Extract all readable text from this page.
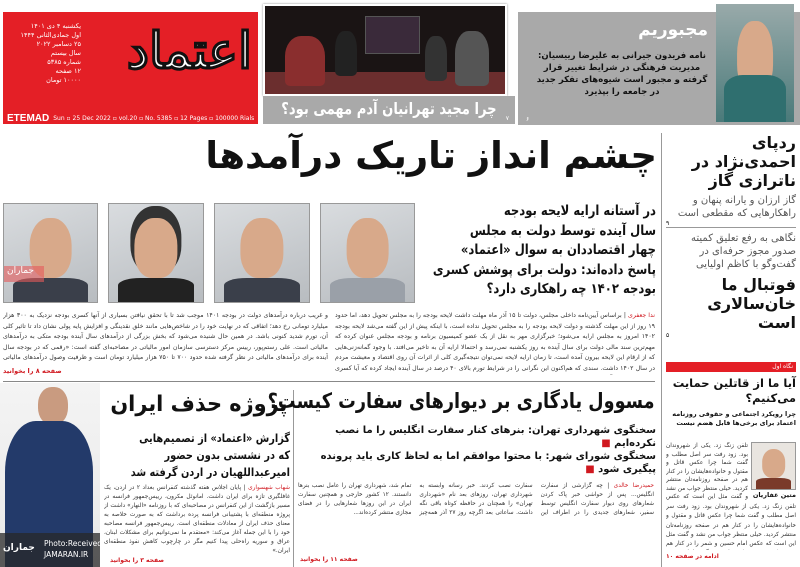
اعتماد
یکشنبه ۴ دی ۱۴۰۱
اول جمادی‌الثانی ۱۴۴۴
۲۵ دسامبر ۲۰۲۲
سال بیستم
شماره ۵۳۸۵
۱۲ صفحه
۱۰۰۰۰ تومان
ETEMAD Sun ▫ 25 Dec 2022 ▫ vol.20 ▫ No. 5385 ▫ 12 Pages ▫ 100000 Rials چرا مجید تهرانیان آدم مهمی بود؟
۷
مجبوریم
نامه فریدون جیرانی به علیرضا رییسیان: مدیریت فرهنگی در شرایط تغییر قرار گرفته و مجبور است شیوه‌های تفکر جدید در جامعه را بپذیرد
۶
چشم انداز تاریک درآمدها
جماران
در آستانه ارایه لایحه بودجه
سال آینده توسط دولت به مجلس
چهار اقتصاددان به سوال «اعتماد»
پاسخ داده‌اند: دولت برای پوشش کسری
بودجه ۱۴۰۲ چه راهکاری دارد؟
ندا جعفری | براساس آیین‌نامه داخلی مجلس، دولت تا ۱۵ آذر ماه مهلت داشت لایحه بودجه را به مجلس تحویل دهد، اما حدود ۱۹ روز از این مهلت گذشته و دولت لایحه بودجه را به مجلس تحویل نداده است، با اینکه پیش از این گفته می‌شد لایحه بودجه ۱۴۰۲ امروز به مجلس ارایه می‌شود؛ خبرگزاری مهر به نقل از یک عضو کمیسیون برنامه و بودجه مجلس عنوان کرده که مهم‌ترین سند مالی دولت برای سال آینده به روز یکشنبه نمی‌رسد و احتمالا ارایه آن به تاخیر می‌افتد. با وجود گمانه‌زنی‌هایی که از ارقام این لایحه بیرون آمده است، تا زمان ارایه لایحه نمی‌توان نتیجه‌گیری کلی از اثرات آن روی اقتصاد و معیشت مردم در سال ۱۴۰۲ داشت. سندی که هم‌اکنون این نگرانی را در شرایط تورم بالای ۴۰ درصد در سال آینده ایجاد کرده که آیا کسری
و غریب درباره درآمدهای دولت در بودجه ۱۴۰۱ موجب شد تا با تحقق نیافتن بسیاری از آنها کسری بودجه نزدیک به ۳۰۰ هزار میلیارد تومانی رخ دهد؛ اتفاقی که در نهایت خود را در شاخص‌هایی مانند خلق نقدینگی و افزایش پایه پولی نشان داد تا تاثیر کلی آن، تورم شدید کنونی باشد. در همین حال شنیده می‌شود که بخش بزرگی از درآمدهای سال آینده بودجه متکی به درآمدهای مالیاتی است. علی رستم‌پور، رییس مرکز دسترسی سازمان امور مالیاتی در مصاحبه‌ای گفته است: «رقمی که در بودجه سال آینده برای درآمدهای مالیاتی در نظر گرفته شده حدود ۷۰۰ تا ۷۵۰ هزار میلیارد تومان است و ظرفیت وصول درآمدهای مالیاتی
صفحه ۸ را بخوانید
ردپای احمدی‌نژاد در ناترازی گاز
گاز ارزان و یارانه پنهان و راهکارهایی که مقطعی است
۹
نگاهی به رفع تعلیق کمیته صدور مجوز حرفه‌ای در گفت‌وگو با کاظم اولیایی
فوتبال ما خان‌سالاری است
۵
نگاه اول
آیا ما از قاتلین حمایت می‌کنیم؟
چرا رویکرد اجتماعی و حقوقی روزنامه اعتماد برای برخی‌ها قابل هضم نیست
متین غفاریان
تلفن زنگ زد. یکی از شهروندان بود. زود رفت سر اصل مطلب و گفت شما چرا عکس قاتل و مقتول و خانواده‌هایشان را در کنار هم در صفحه روزنامه‌تان منتشر کردید. خیلی منتظر جواب من نشد و گفت مثل این است که عکس
تلفن زنگ زد. یکی از شهروندان بود. زود رفت سر اصل مطلب و گفت شما چرا عکس قاتل و مقتول و خانواده‌هایشان را در کنار هم در صفحه روزنامه‌تان منتشر کردید. خیلی منتظر جواب من نشد و گفت مثل این است که عکس امام حسین و شمر را در کنار هم
ادامه در صفحه ۱۰
مسوول یادگاری بر دیوارهای سفارت کیست؟
سخنگوی شهرداری تهران: بنرهای کنار سفارت انگلیس را ما نصب نکرده‌ایم ■
سخنگوی شورای شهر: با محتوا موافقم اما به لحاظ کاری باید پرونده پیگیری شود ■
حمیدرضا خالدی | چه گزارشی از سفارت انگلیس... پس از حواشی خبر پاک کردن شعارهای روی دیوار سفارت انگلیس توسط سفیر، شعارهای جدیدی را در اطراف این سفارت نصب کردند. خبر رسانه وابسته به شهرداری تهران، روزهای بعد نام «شهرداری تهران» را همچنان در حافظه کوتاه باقی نگه داشت. ساعاتی بعد اگرچه روز ۲۷ آذر همه‌چیز تمام شد، شهرداری تهران را عامل نصب بنرها دانستند. ۱۲ کشور خارجی و همچنین سفارت ایران در این روزها شعارهایی را در فضای مجازی منتشر کرده‌اند...
صفحه ۱۱ را بخوانید
جماران Photo:Received
JAMARAN.IR
پروژه حذف ایران
گزارش «اعتماد» از تصمیم‌هایی
که در نشستی بدون حضور
امیرعبداللهیان در اردن گرفته شد
شهاب شهسواری | پایان اجلاس هفته گذشته کنفرانس بغداد ۲ در اردن، یک غافلگیری تازه برای ایران داشت. امانوئل مکرون، رییس‌جمهور فرانسه در مسیر بازگشت از این کنفرانس در مصاحبه‌ای که با روزنامه «النهار» داشت از پروژه منطقه‌ای با پشتیبانی فرانسه پرده برداشت که به صورت خلاصه به معنای حذف ایران از معادلات منطقه‌ای است. رییس‌جمهور فرانسه مصاحبه خود را با این جمله آغاز می‌کند: «معتقدم ما نمی‌توانیم برای مشکلات لبنان، عراق و سوریه راه‌حلی پیدا کنیم مگر در چارچوب کاهش نفوذ منطقه‌ای ایران.»
صفحه ۳ را بخوانید
